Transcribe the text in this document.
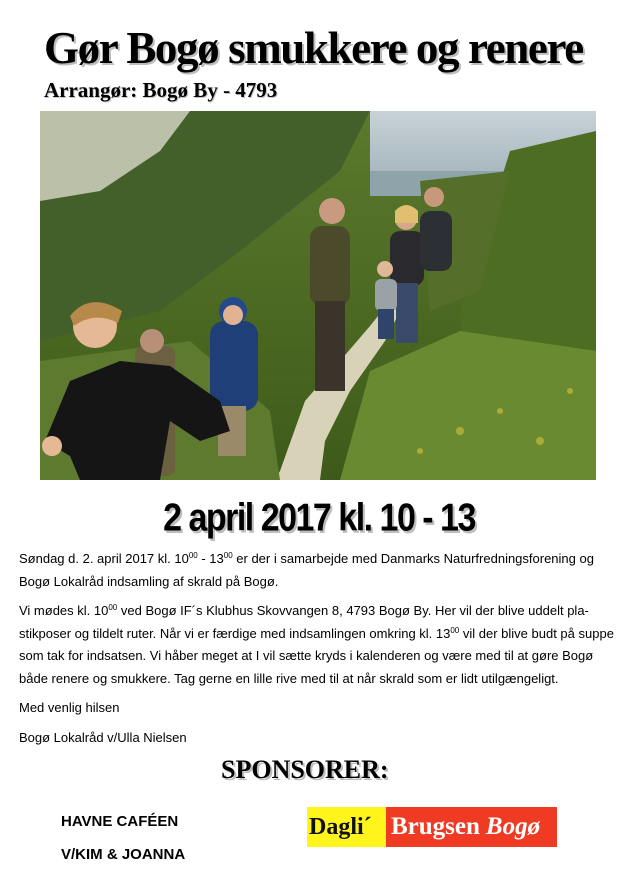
Gør Bogø smukkere og renere
Arrangør: Bogø By - 4793
2 april 2017 kl. 10 - 13

Søndag d. 2. april 2017 kl. $10^{00} - 13^{00}$ er der i samarbejde med Danmarks Naturfredningsforening og Bogø Lokalråd indsamling af skrald på Bogø.

Vi mødes kl. $10^{00}$ ved Bogø IF´s Klubhus Skovvangen 8, 4793 Bogø By. Her vil der blive uddelt pla-stikposer og tildelt ruter. Når vi er færdige med indsamlingen omkring kl. $13^{00}$ vil der blive budt på suppe som tak for indsatsen. Vi håber meget at I vil sætte kryds i kalenderen og være med til at gøre Bogø både renere og smukkere. Tag gerne en lille rive med til at når skrald som er lidt utilgængeligt.

Med venlig hilsen

Bogø Lokalråd v/Ulla Nielsen

SPONSORER:
HAVNE CAFÉEN
V/KIM & JOANNA
Dagli´ Brugsen Bogø
